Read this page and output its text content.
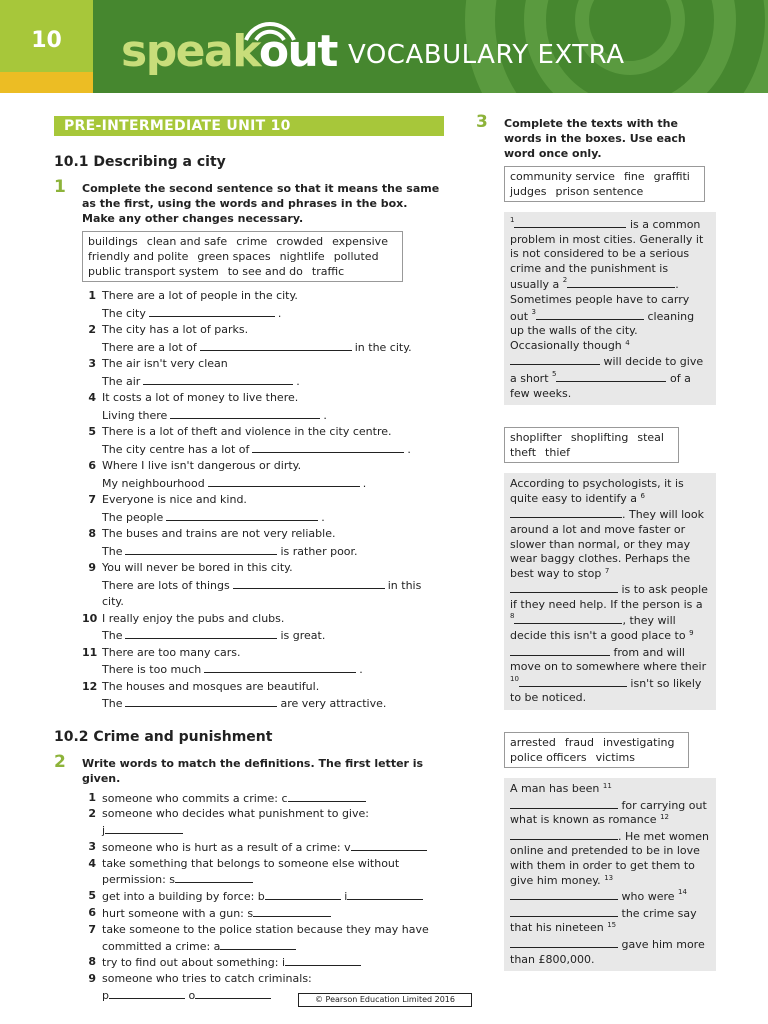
10	speakout VOCABULARY EXTRA
PRE-INTERMEDIATE UNIT 10
10.1 Describing a city
1 Complete the second sentence so that it means the same as the first, using the words and phrases in the box. Make any other changes necessary.
buildings clean and safe crime crowded expensive
friendly and polite green spaces nightlife polluted
public transport system to see and do traffic
1 There are a lot of people in the city.
The city	.
2 The city has a lot of parks.
There are a lot of	in the city.
3 The air isn't very clean
The air	.
4 It costs a lot of money to live there.
Living there	.
5 There is a lot of theft and violence in the city centre.
The city centre has a lot of	.
6 Where I live isn't dangerous or dirty.
My neighbourhood	.
7 Everyone is nice and kind.
The people	.
8 The buses and trains are not very reliable.
The	is rather poor.
9 You will never be bored in this city.
There are lots of things	in this city.
10 I really enjoy the pubs and clubs.
The	is great.
11 There are too many cars.
There is too much	.
12 The houses and mosques are beautiful.
The	are very attractive.
10.2 Crime and punishment
2 Write words to match the definitions. The first letter is given.
1 someone who commits a crime: c
2 someone who decides what punishment to give:
j
3 someone who is hurt as a result of a crime: v
4 take something that belongs to someone else without
permission: s
5 get into a building by force: b	i
6 hurt someone with a gun: s
7 take someone to the police station because they may have
committed a crime: a
8 try to find out about something: i
9 someone who tries to catch criminals:
p	o
3 Complete the texts with the words in the boxes. Use each word once only.
community service fine graffiti
judges prison sentence
$^1$	is a common problem in most cities. Generally it is not considered to be a serious crime and the punishment is usually a $^2$	. Sometimes people have to carry out $^3$	cleaning up the walls of the city. Occasionally though $^4$ will decide to give a short $^5$	of a few weeks.
shoplifter shoplifting steal
theft thief
According to psychologists, it is quite easy to identify a $^6$. They will look around a lot and move faster or slower than normal, or they may wear baggy clothes. Perhaps the best way to stop $^7$ is to ask people if they need help. If the person is a $^8$	, they will decide this isn't a good place to $^9$ from and will move on to somewhere where their $^{10}$	isn't so likely to be noticed.
arrested fraud investigating
police officers victims
A man has been $^{11}$ for carrying out what is known as romance $^{12}$. He met women online and pretended to be in love with them in order to get them to give him money. $^{13}$ who were $^{14}$ the crime say that his nineteen $^{15}$ gave him more than £800,000.
© Pearson Education Limited 2016
